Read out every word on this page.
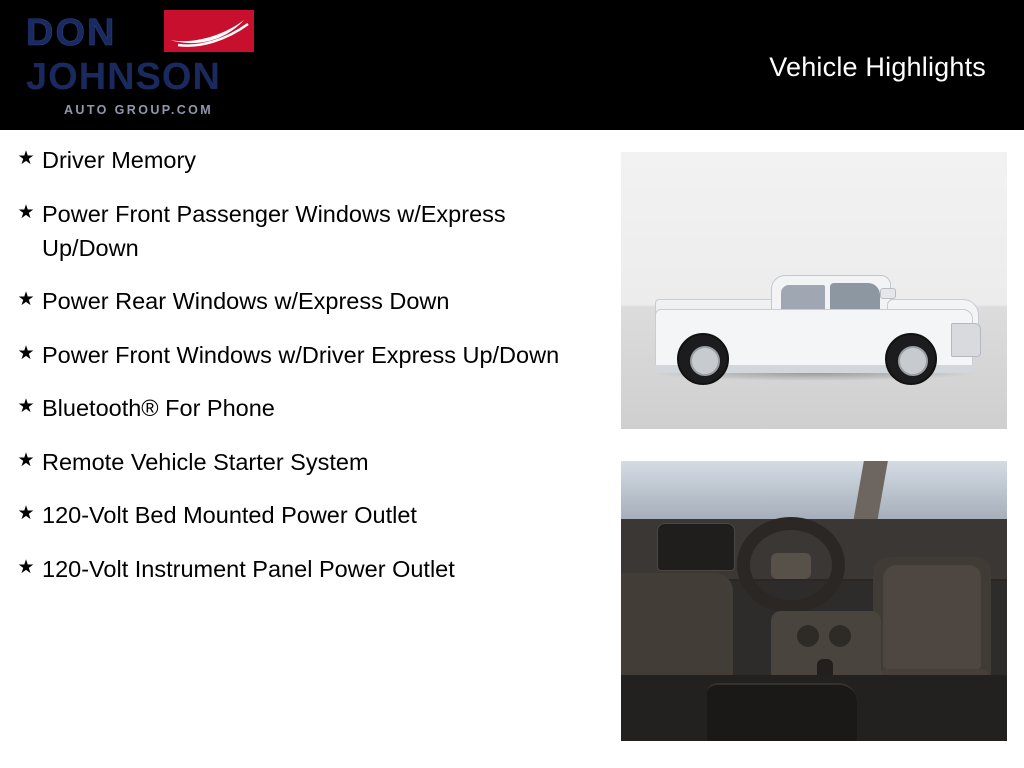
DON
JOHNSON
AUTO GROUP.COM
Vehicle Highlights
★ Driver Memory
★ Power Front Passenger Windows w/Express Up/Down
★ Power Rear Windows w/Express Down
★ Power Front Windows w/Driver Express Up/Down
★ Bluetooth® For Phone
★ Remote Vehicle Starter System
★ 120-Volt Bed Mounted Power Outlet
★ 120-Volt Instrument Panel Power Outlet
